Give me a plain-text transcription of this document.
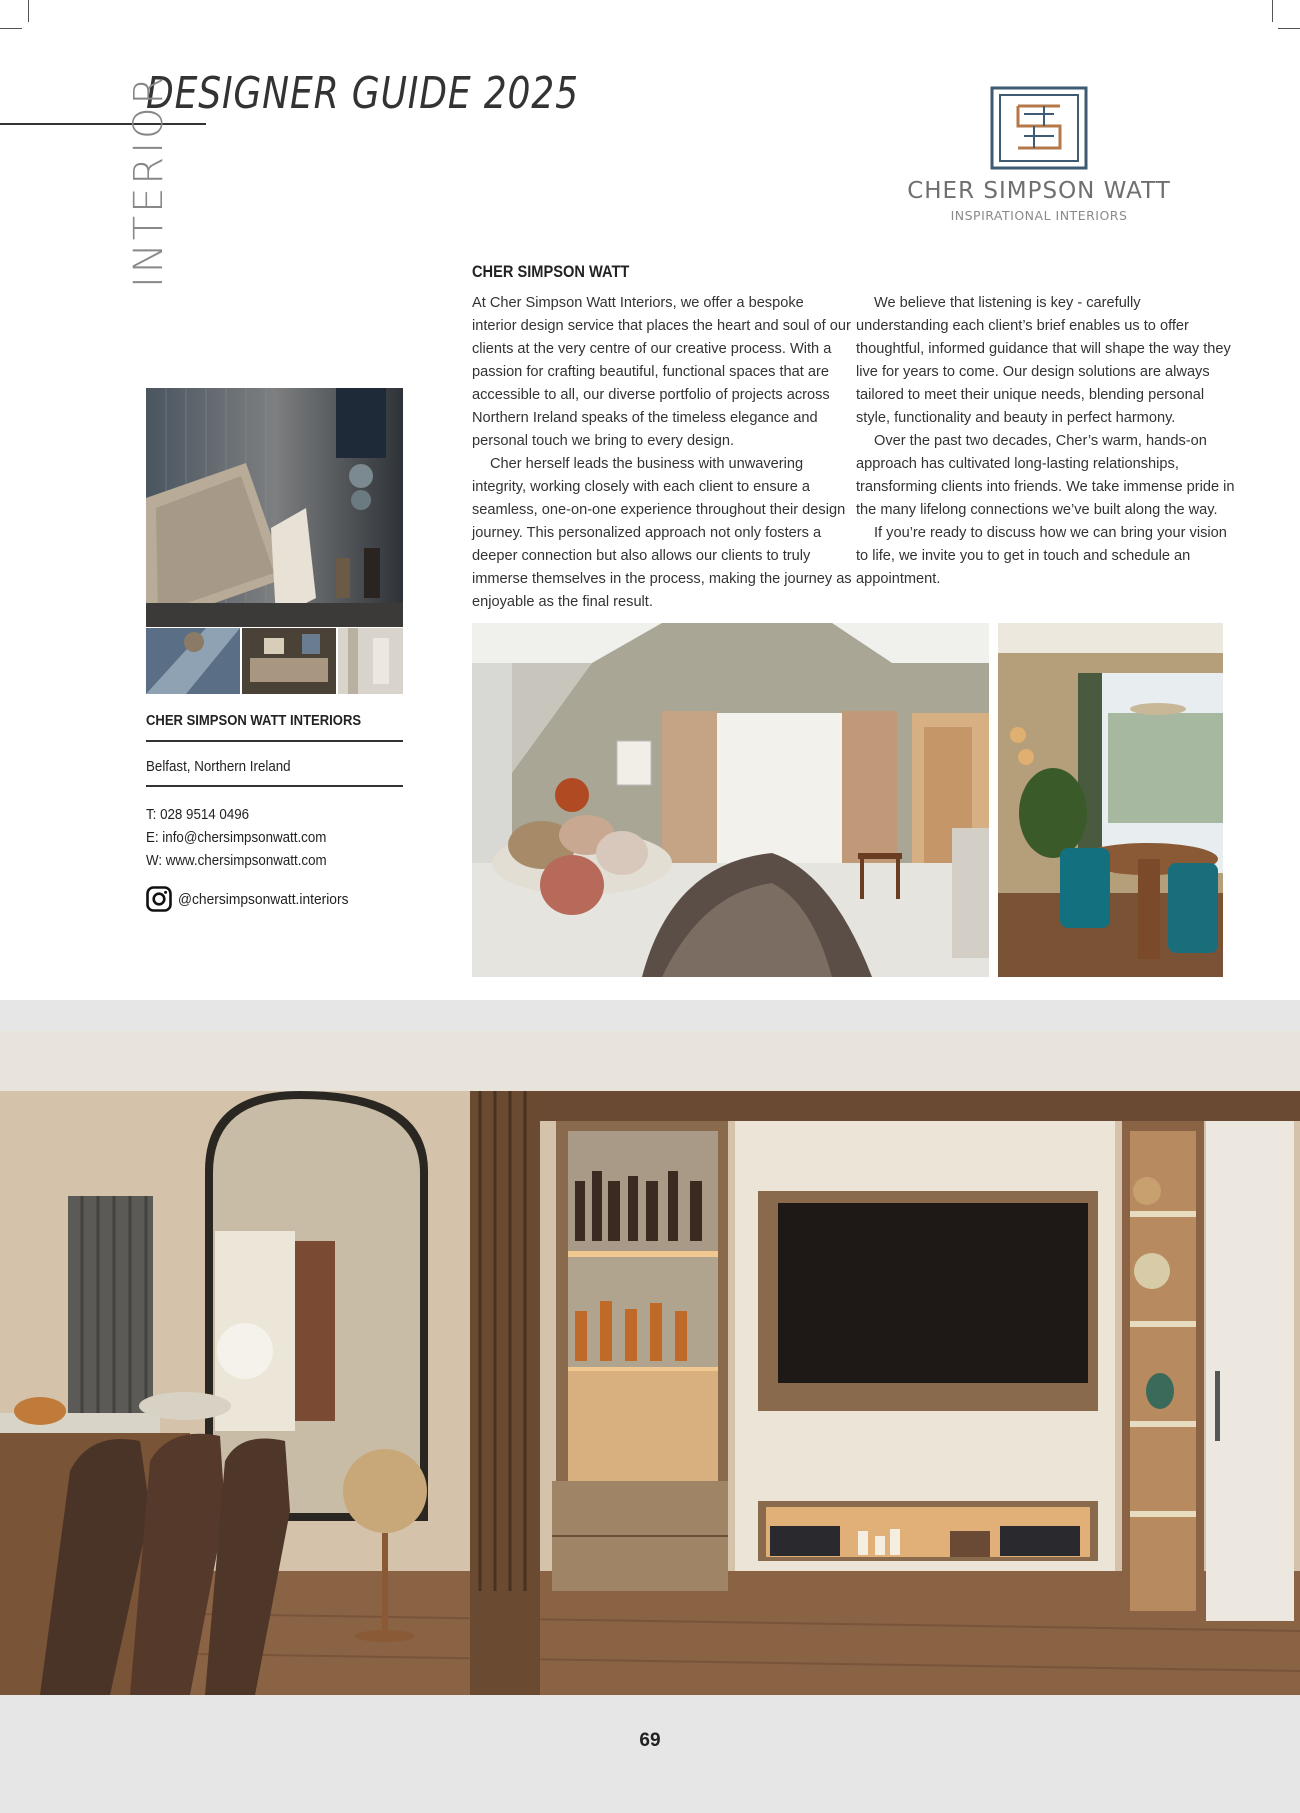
DESIGNER GUIDE 2025
INTERIOR	CHER SIMPSON WATT
INSPIRATIONAL INTERIORS
CHER SIMPSON WATT

At Cher Simpson Watt Interiors, we offer a bespoke interior design service that places the heart and soul of our clients at the very centre of our creative process. With a passion for crafting beautiful, functional spaces that are accessible to all, our diverse portfolio of projects across Northern Ireland speaks of the timeless elegance and personal touch we bring to every design.

Cher herself leads the business with unwavering integrity, working closely with each client to ensure a seamless, one-on-one experience throughout their design journey. This personalized approach not only fosters a deeper connection but also allows our clients to truly immerse themselves in the process, making the journey as enjoyable as the final result.

We believe that listening is key - carefully understanding each client’s brief enables us to offer thoughtful, informed guidance that will shape the way they live for years to come. Our design solutions are always tailored to meet their unique needs, blending personal style, functionality and beauty in perfect harmony.

Over the past two decades, Cher’s warm, hands-on approach has cultivated long-lasting relationships, transforming clients into friends. We take immense pride in the many lifelong connections we’ve built along the way.

If you’re ready to discuss how we can bring your vision to life, we invite you to get in touch and schedule an appointment.

CHER SIMPSON WATT INTERIORS
Belfast, Northern Ireland
T: 028 9514 0496
E: info@chersimpsonwatt.com
W: www.chersimpsonwatt.com
@chersimpsonwatt.interiors
69
